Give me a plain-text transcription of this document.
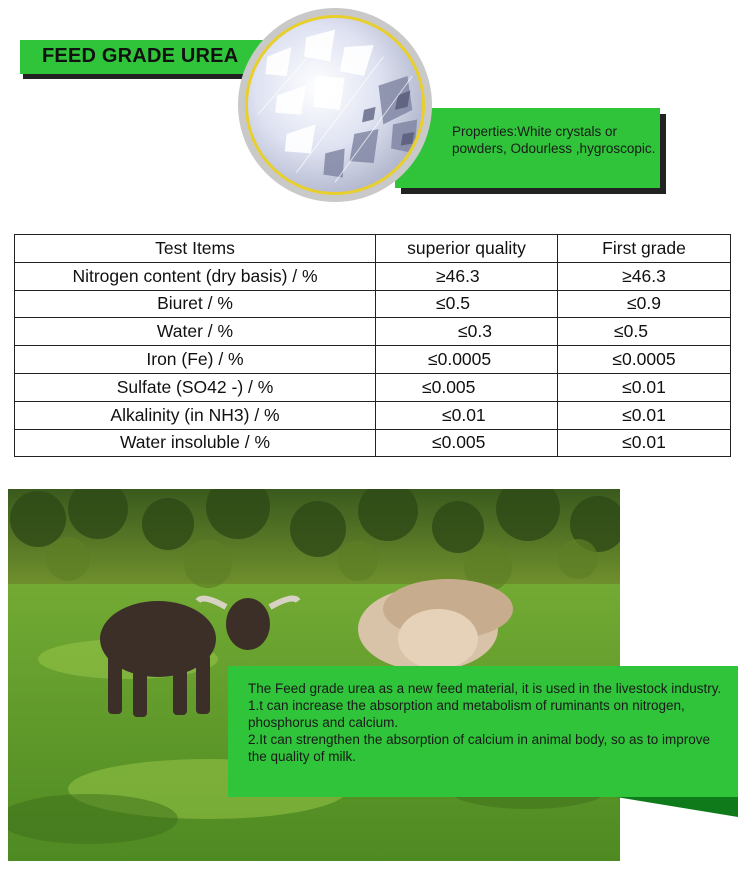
FEED GRADE UREA
Properties:White crystals or powders, Odourless ,hygroscopic.
Test Items	superior quality	First grade
Nitrogen content (dry basis) / %	≥46.3	≥46.3
Biuret / %	≤0.5	≤0.9
Water / %	≤0.3	≤0.5
Iron (Fe) / %	≤0.0005	≤0.0005
Sulfate (SO42 -) / %	≤0.005	≤0.01
Alkalinity (in NH3) / %	≤0.01	≤0.01
Water insoluble / %	≤0.005	≤0.01

The Feed grade urea as a new feed material, it is used in the livestock industry.

1.t can increase the absorption and metabolism of ruminants on nitrogen, phosphorus and calcium.

2.It can strengthen the absorption of calcium in animal body, so as to improve the quality of milk.
